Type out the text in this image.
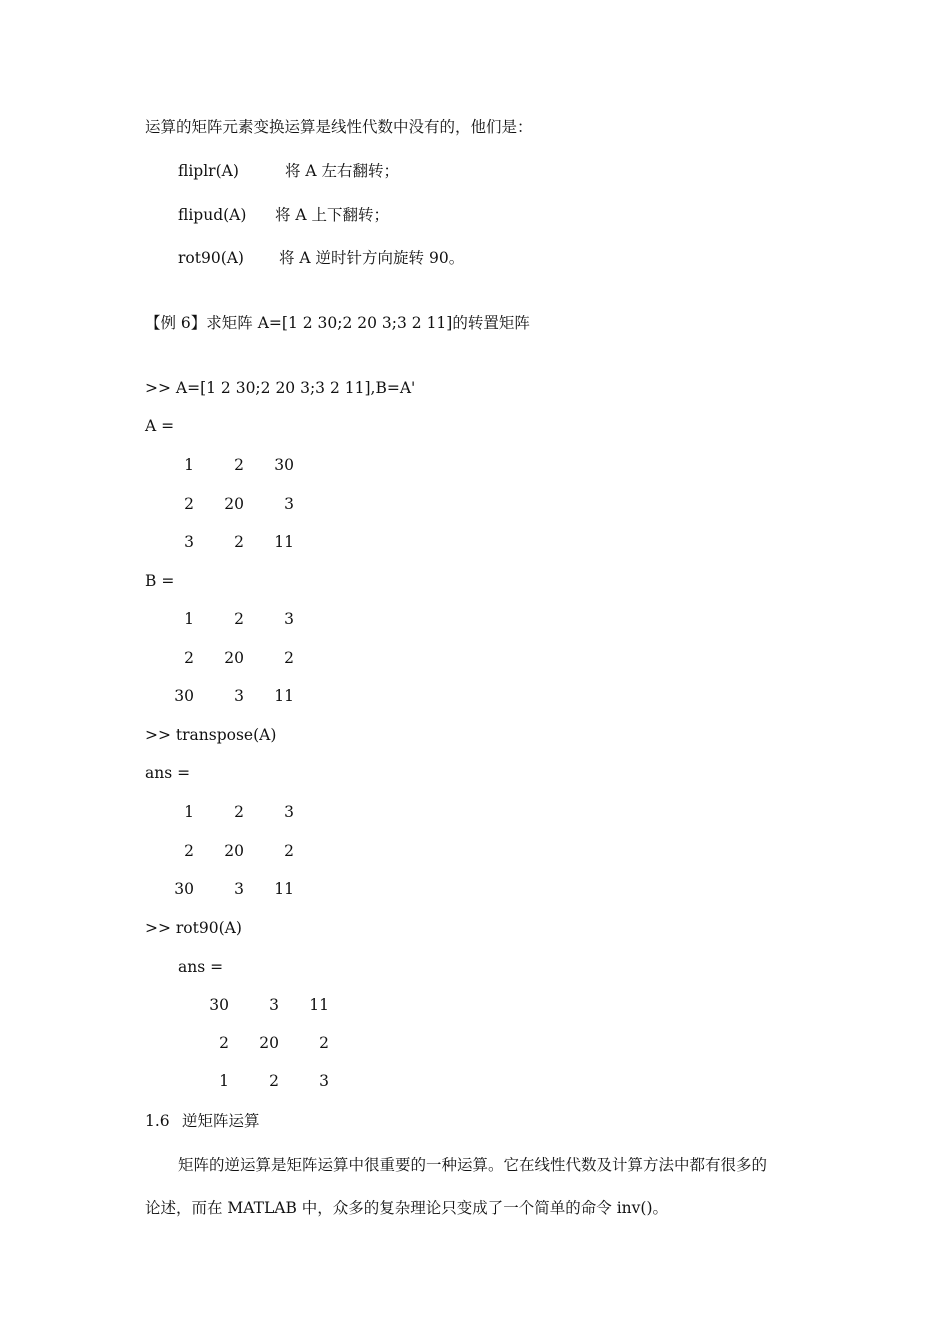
运算的矩阵元素变换运算是线性代数中没有的，他们是：
fliplr(A)	将 A 左右翻转；
flipud(A) 将 A 上下翻转；
rot90(A) 将 A 逆时针方向旋转 90。
【例 6】求矩阵 A=[1 2 30;2 20 3;3 2 11]的转置矩阵
>> A=[1 2 30;2 20 3;3 2 11],B=A'
A =
1	2	30
2	20	3
3	2	11
B =
1	2	3
2	20	2
30	3	11
>> transpose(A)
ans =
1	2	3
2	20	2
30	3	11
>> rot90(A)
ans =
30	3	11
2	20	2
1	2	3
1.6 逆矩阵运算
矩阵的逆运算是矩阵运算中很重要的一种运算。它在线性代数及计算方法中都有很多的
论述，而在 MATLAB 中，众多的复杂理论只变成了一个简单的命令 inv()。
